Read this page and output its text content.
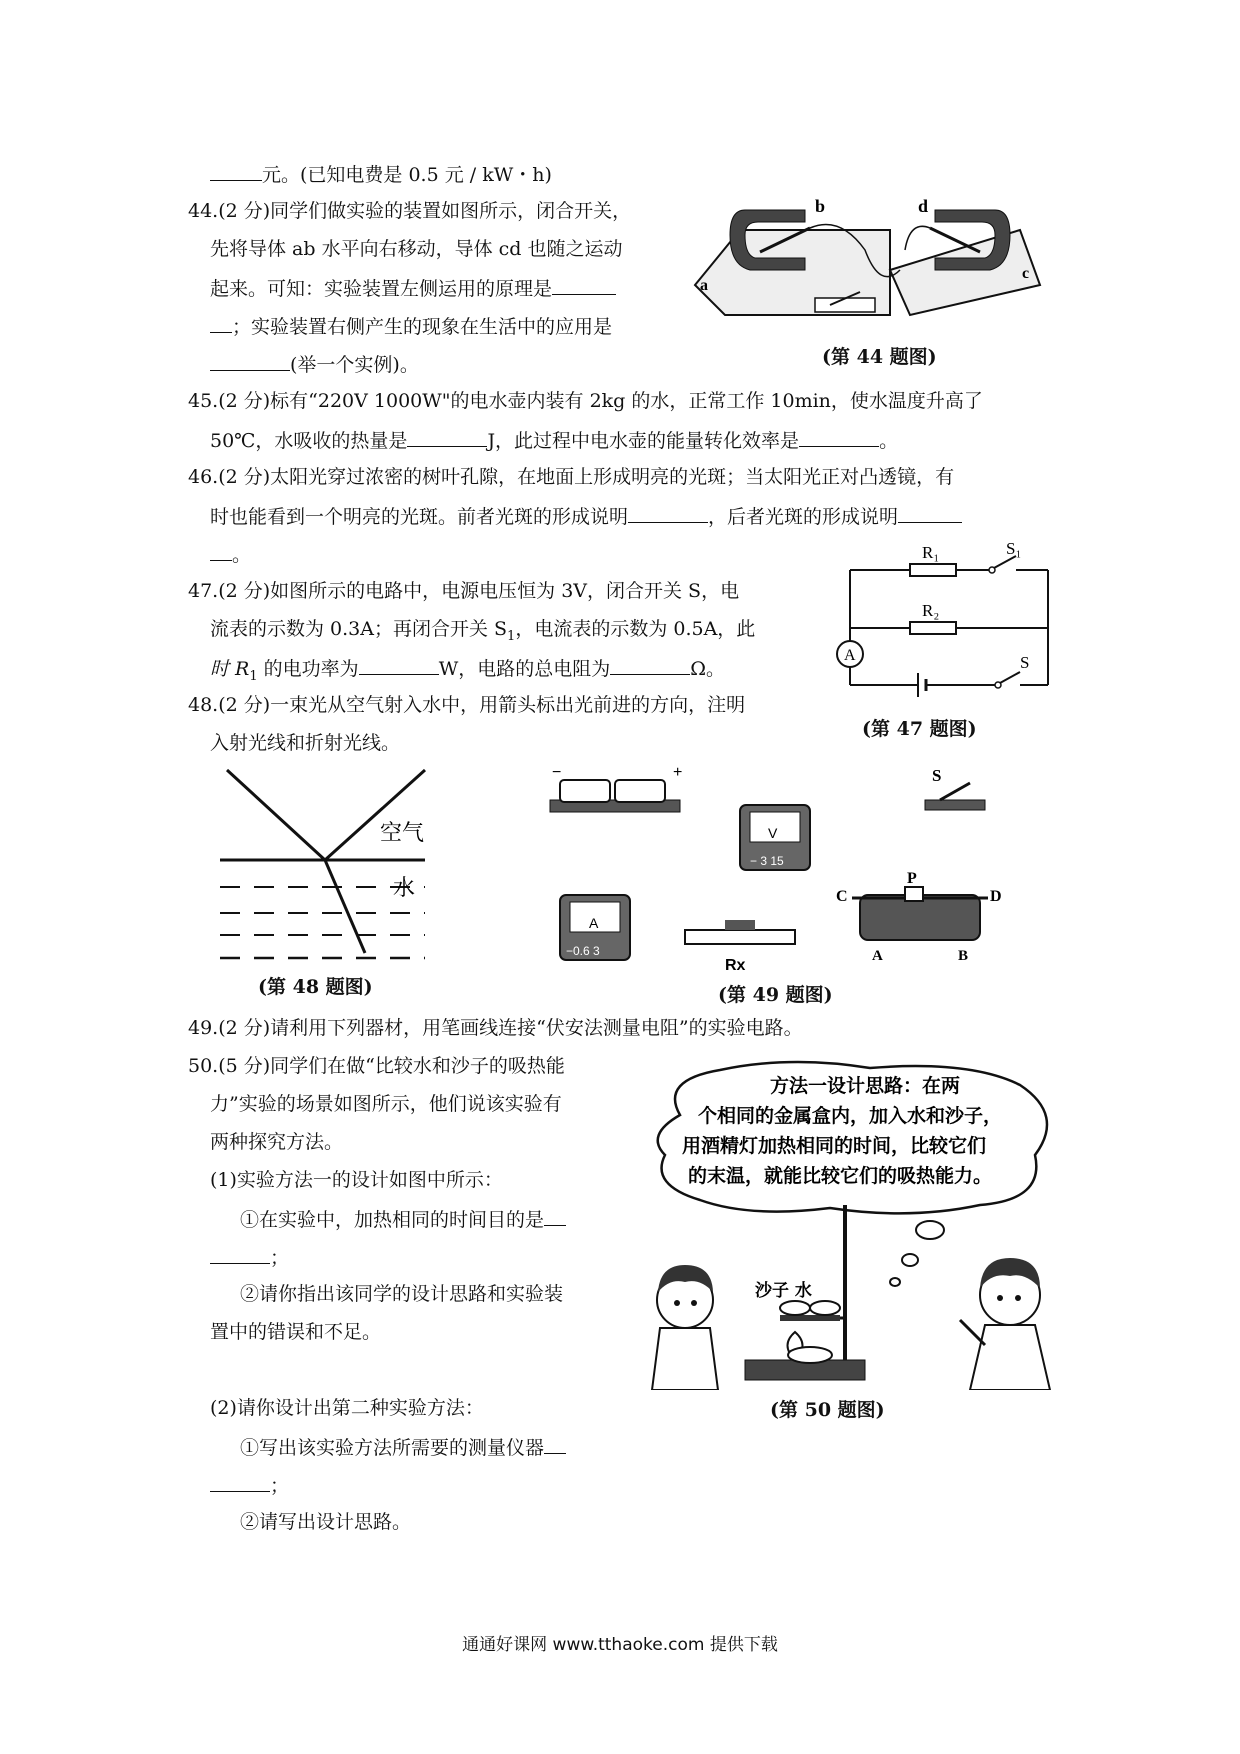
元。(已知电费是 0.5 元 / kW・h)
44.(2 分)同学们做实验的装置如图所示，闭合开关，
先将导体 ab 水平向右移动，导体 cd 也随之运动
起来。可知：实验装置左侧运用的原理是
；实验装置右侧产生的现象在生活中的应用是
(举一个实例)。
a
b	d
c
(第 44 题图)
45.(2 分)标有“220V 1000W"的电水壶内装有 2kg 的水，正常工作 10min，使水温度升高了
50℃，水吸收的热量是	J，此过程中电水壶的能量转化效率是	。
46.(2 分)太阳光穿过浓密的树叶孔隙，在地面上形成明亮的光斑；当太阳光正对凸透镜，有
时也能看到一个明亮的光斑。前者光斑的形成说明	，后者光斑的形成说明
。
47.(2 分)如图所示的电路中，电源电压恒为 3V，闭合开关 S，电
流表的示数为 0.3A；再闭合开关 $S_1$，电流表的示数为 0.5A，此
时 $R_1$ 的电功率为	W，电路的总电阻为	Ω。
A
R₁
R₂
S₁
S
(第 47 题图)
48.(2 分)一束光从空气射入水中，用箭头标出光前进的方向，注明
入射光线和折射光线。
空气
水
(第 48 题图)
−	+
V
− 3 15
S
A
−0.6 3
Rx
C
P
D
A	B
(第 49 题图)
49.(2 分)请利用下列器材，用笔画线连接“伏安法测量电阻”的实验电路。
50.(5 分)同学们在做“比较水和沙子的吸热能
力”实验的场景如图所示，他们说该实验有
两种探究方法。
(1)实验方法一的设计如图中所示：
①在实验中，加热相同的时间目的是
；
②请你指出该同学的设计思路和实验装
置中的错误和不足。
(2)请你设计出第二种实验方法：
①写出该实验方法所需要的测量仪器
；
②请写出设计思路。
方法一设计思路：在两
个相同的金属盒内，加入水和沙子，
用酒精灯加热相同的时间，比较它们
的末温，就能比较它们的吸热能力。
沙子 水
(第 50 题图)
通通好课网 www.tthaoke.com 提供下载
